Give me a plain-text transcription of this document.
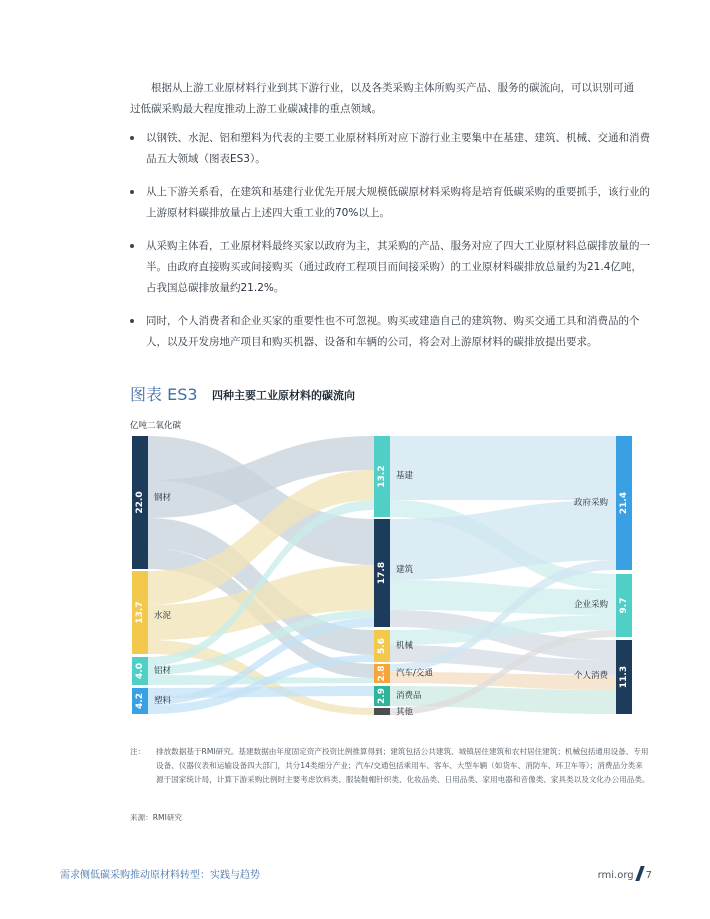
根据从上游工业原材料行业到其下游行业，以及各类采购主体所购买产品、服务的碳流向，可以识别可通过低碳采购最大程度推动上游工业碳减排的重点领域。

以钢铁、水泥、铝和塑料为代表的主要工业原材料所对应下游行业主要集中在基建、建筑、机械、交通和消费品五大领域（图表ES3）。
从上下游关系看，在建筑和基建行业优先开展大规模低碳原材料采购将是培育低碳采购的重要抓手，该行业的上游原材料碳排放量占上述四大重工业的70%以上。
从采购主体看，工业原材料最终买家以政府为主，其采购的产品、服务对应了四大工业原材料总碳排放量的一半。由政府直接购买或间接购买（通过政府工程项目而间接采购）的工业原材料碳排放总量约为21.4亿吨，占我国总碳排放量约21.2%。
同时，个人消费者和企业买家的重要性也不可忽视。购买或建造自己的建筑物、购买交通工具和消费品的个人，以及开发房地产项目和购买机器、设备和车辆的公司，将会对上游原材料的碳排放提出要求。
图表 ES3 四种主要工业原材料的碳流向
亿吨二氧化碳
22.0 钢材
13.7 水泥
4.0 铝材
4.2 塑料
13.2 基建
17.8 建筑
5.6 机械
2.8 汽车/交通
2.9 消费品
其他
21.4
政府采购
9.7
企业采购
11.3
个人消费
注： 排放数据基于RMI研究。基建数据由年度固定资产投资比例推算得到；建筑包括公共建筑、城镇居住建筑和农村居住建筑；机械包括通用设备、专用设备、仪器仪表和运输设备四大部门，共分14类细分产业；汽车/交通包括乘用车、客车、大型车辆（如货车、消防车、环卫车等）；消费品分类来源于国家统计局，计算下游采购比例时主要考虑饮料类、服装鞋帽针织类、化妆品类、日用品类、家用电器和音像类、家具类以及文化办公用品类。
来源：RMI研究
需求侧低碳采购推动原材料转型：实践与趋势	rmi.org 7
